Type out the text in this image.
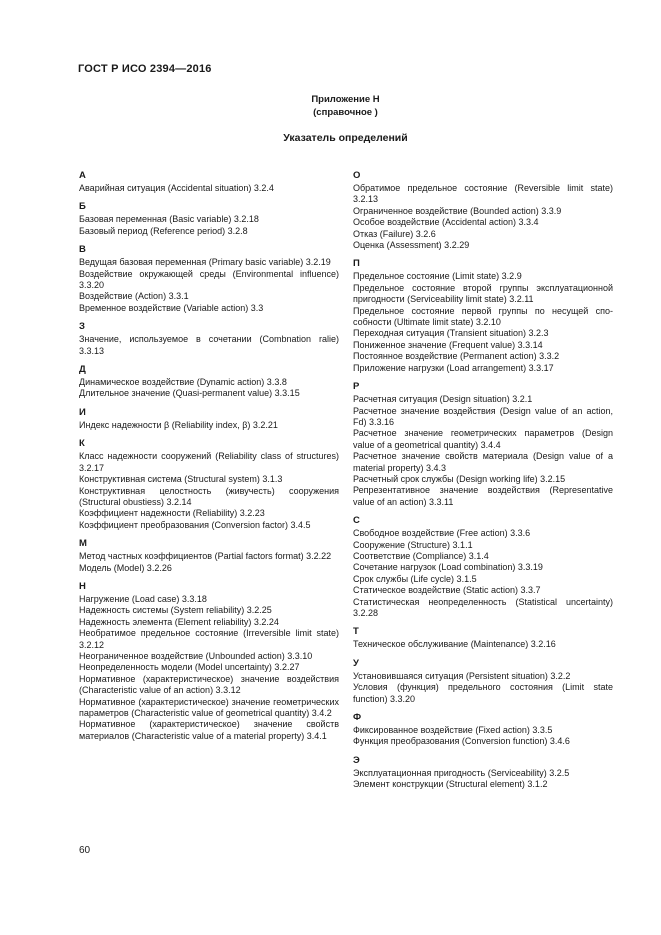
ГОСТ Р ИСО 2394—2016
Приложение Н
(справочное )
Указатель определений
А
Аварийная ситуация (Accidental situation) 3.2.4
Б
Базовая переменная (Basic variable) 3.2.18
Базовый период (Reference period) 3.2.8
В
Ведущая базовая переменная (Primary basic variable) 3.2.19
Воздействие окружающей среды (Environmental influence) 3.3.20
Воздействие (Action) 3.3.1
Временное воздействие (Variable action) 3.3
З
Значение, используемое в сочетании (Combnation ralie) 3.3.13
Д
Динамическое воздействие (Dynamic action) 3.3.8
Длительное значение (Quasi-permanent value) 3.3.15
И
Индекс надежности β (Reliability index, β) 3.2.21
К
Класс надежности сооружений (Reliability class of structures) 3.2.17
Конструктивная система (Structural system) 3.1.3
Конструктивная целостность (живучесть) сооружения (Structural obustiess) 3.2.14
Коэффициент надежности (Reliability) 3.2.23
Коэффициент преобразования (Conversion factor) 3.4.5
М
Метод частных коэффициентов (Partial factors format) 3.2.22
Модель (Model) 3.2.26
Н
Нагружение (Load case) 3.3.18
Надежность системы (System reliability) 3.2.25
Надежность элемента (Element reliability) 3.2.24
Необратимое предельное состояние (Irreversible limit state) 3.2.12
Неограниченное воздействие (Unbounded action) 3.3.10
Неопределенность модели (Model uncertainty) 3.2.27
Нормативное (характеристическое) значение воздействия (Characteristic value of an action) 3.3.12
Нормативное (характеристическое) значение геометрических параметров (Characteristic value of geometrical quantity) 3.4.2
Нормативное (характеристическое) значение свойств материалов (Characteristic value of a material property) 3.4.1
О
Обратимое предельное состояние (Reversible limit state) 3.2.13
Ограниченное воздействие (Bounded action) 3.3.9
Особое воздействие (Accidental action) 3.3.4
Отказ (Failure) 3.2.6
Оценка (Assessment) 3.2.29
П
Предельное состояние (Limit state) 3.2.9
Предельное состояние второй группы эксплуатационной пригодности (Serviceability limit state) 3.2.11
Предельное состояние первой группы по несущей способности (Ultimate limit state) 3.2.10
Переходная ситуация (Transient situation) 3.2.3
Пониженное значение (Frequent value) 3.3.14
Постоянное воздействие (Permanent action) 3.3.2
Приложение нагрузки (Load arrangement) 3.3.17
Р
Расчетная ситуация (Design situation) 3.2.1
Расчетное значение воздействия (Design value of an action, Fd) 3.3.16
Расчетное значение геометрических параметров (Design value of a geometrical quantity) 3.4.4
Расчетное значение свойств материала (Design value of a material property) 3.4.3
Расчетный срок службы (Design working life) 3.2.15
Репрезентативное значение воздействия (Representative value of an action) 3.3.11
С
Свободное воздействие (Free action) 3.3.6
Сооружение (Structure) 3.1.1
Соответствие (Compliance) 3.1.4
Сочетание нагрузок (Load combination) 3.3.19
Срок службы (Life cycle) 3.1.5
Статическое воздействие (Static action) 3.3.7
Статистическая неопределенность (Statistical uncertainty) 3.2.28
Т
Техническое обслуживание (Maintenance) 3.2.16
У
Установившаяся ситуация (Persistent situation) 3.2.2
Условия (функция) предельного состояния (Limit state function) 3.3.20
Ф
Фиксированное воздействие (Fixed action) 3.3.5
Функция преобразования (Conversion function) 3.4.6
Э
Эксплуатационная пригодность (Serviceability) 3.2.5
Элемент конструкции (Structural element) 3.1.2
60
